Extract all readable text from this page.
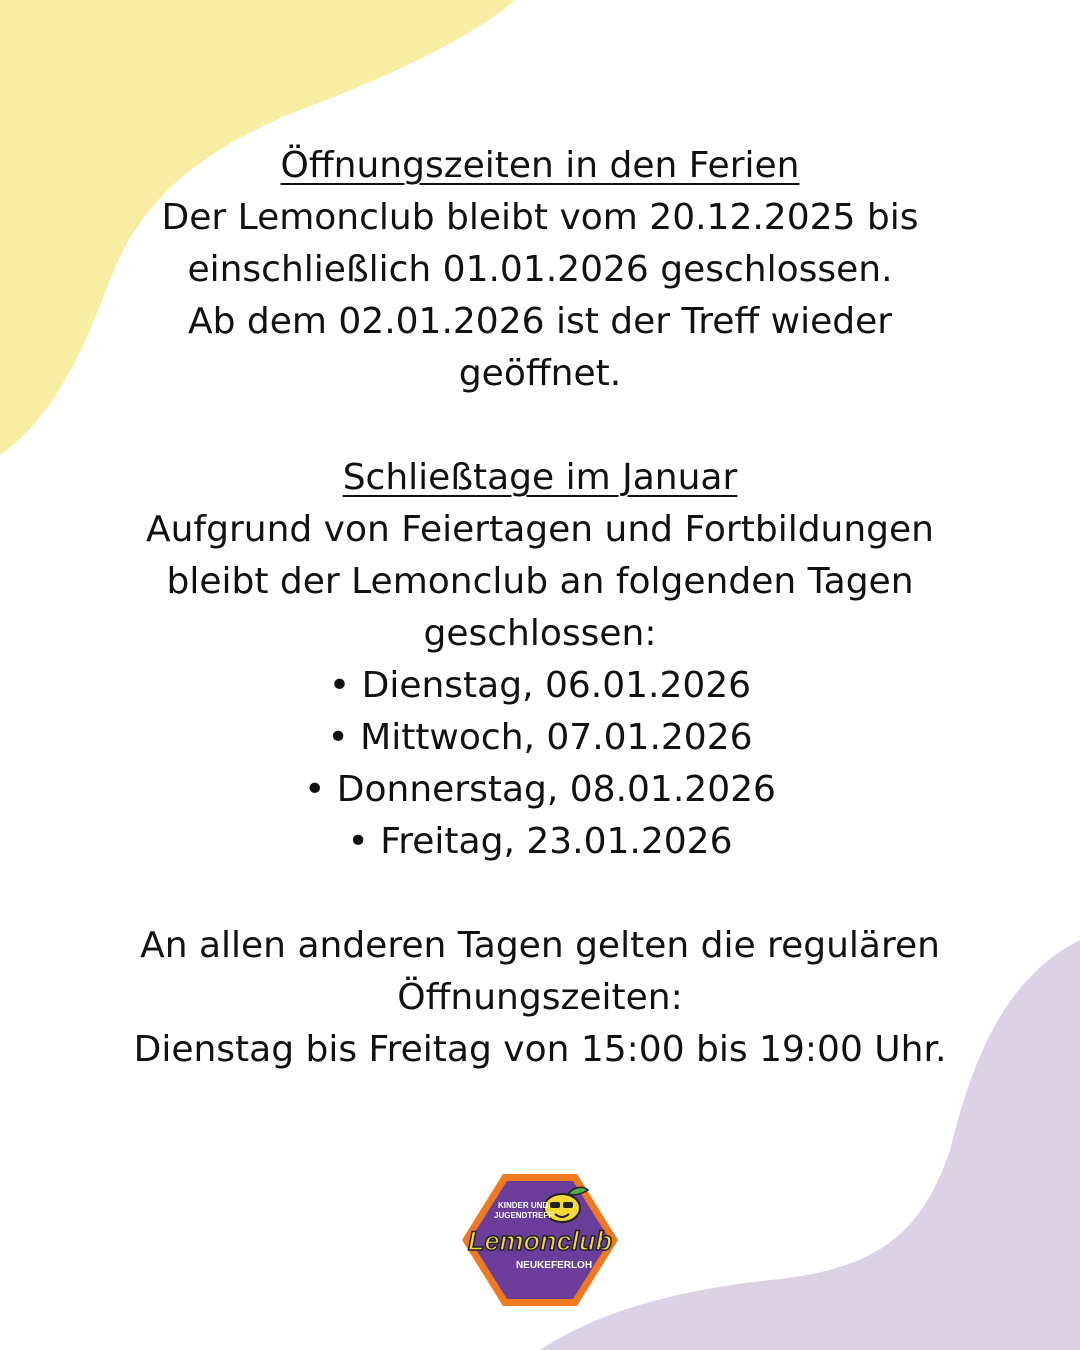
Öffnungszeiten in den Ferien

Der Lemonclub bleibt vom 20.12.2025 bis

einschließlich 01.01.2026 geschlossen.

Ab dem 02.01.2026 ist der Treff wieder

geöffnet.

Schließtage im Januar

Aufgrund von Feiertagen und Fortbildungen

bleibt der Lemonclub an folgenden Tagen

geschlossen:

• Dienstag, 06.01.2026
• Mittwoch, 07.01.2026
• Donnerstag, 08.01.2026
• Freitag, 23.01.2026

An allen anderen Tagen gelten die regulären

Öffnungszeiten:

Dienstag bis Freitag von 15:00 bis 19:00 Uhr.

KINDER UND
JUGENDTREFF
Lemonclub
NEUKEFERLOH
